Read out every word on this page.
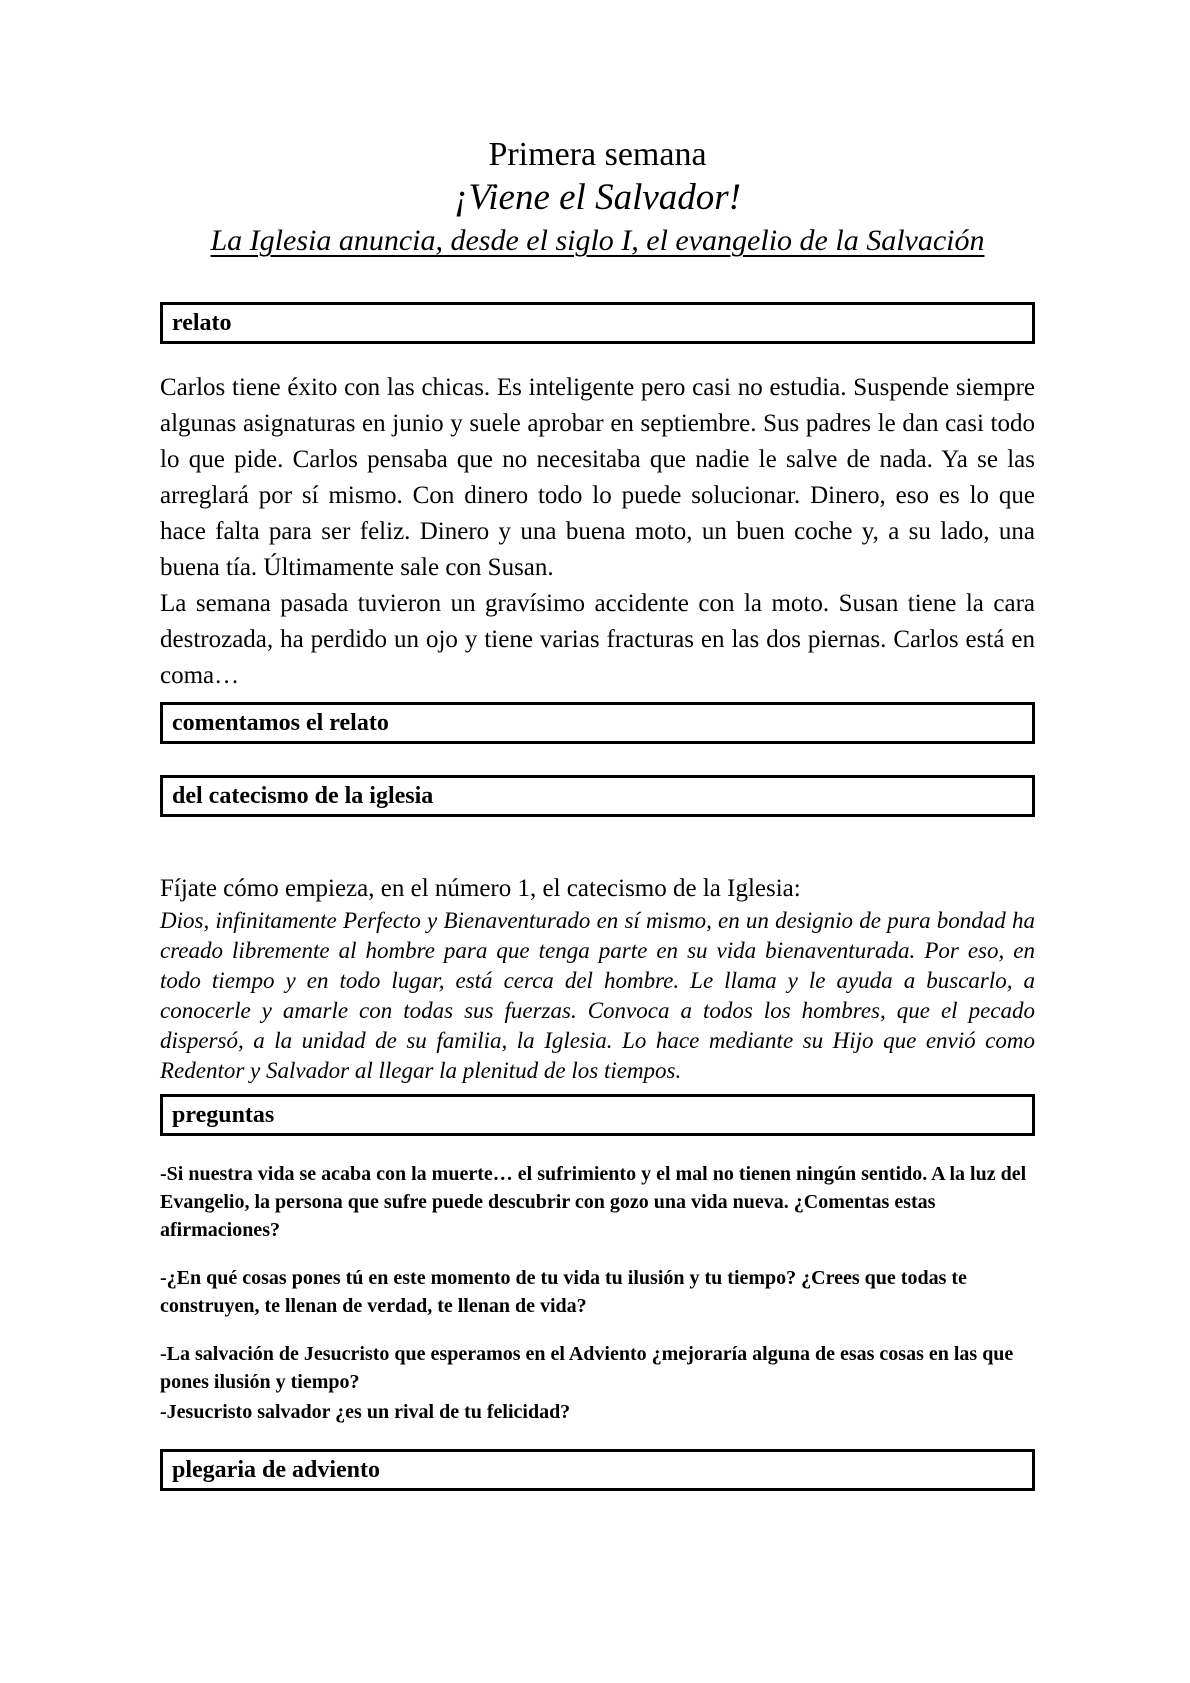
Primera semana
¡Viene el Salvador!
La Iglesia anuncia, desde el siglo I, el evangelio de la Salvación
relato

Carlos tiene éxito con las chicas. Es inteligente pero casi no estudia. Suspende siempre algunas asignaturas en junio y suele aprobar en septiembre. Sus padres le dan casi todo lo que pide. Carlos pensaba que no necesitaba que nadie le salve de nada. Ya se las arreglará por sí mismo. Con dinero todo lo puede solucionar. Dinero, eso es lo que hace falta para ser feliz. Dinero y una buena moto, un buen coche y, a su lado, una buena tía. Últimamente sale con Susan.

La semana pasada tuvieron un gravísimo accidente con la moto. Susan tiene la cara destrozada, ha perdido un ojo y tiene varias fracturas en las dos piernas. Carlos está en coma…

comentamos el relato
del catecismo de la iglesia

Fíjate cómo empieza, en el número 1, el catecismo de la Iglesia:

Dios, infinitamente Perfecto y Bienaventurado en sí mismo, en un designio de pura bondad ha creado libremente al hombre para que tenga parte en su vida bienaventurada. Por eso, en todo tiempo y en todo lugar, está cerca del hombre. Le llama y le ayuda a buscarlo, a conocerle y amarle con todas sus fuerzas. Convoca a todos los hombres, que el pecado dispersó, a la unidad de su familia, la Iglesia. Lo hace mediante su Hijo que envió como Redentor y Salvador al llegar la plenitud de los tiempos.

preguntas

-Si nuestra vida se acaba con la muerte… el sufrimiento y el mal no tienen ningún sentido. A la luz del Evangelio, la persona que sufre puede descubrir con gozo una vida nueva. ¿Comentas estas afirmaciones?

-¿En qué cosas pones tú en este momento de tu vida tu ilusión y tu tiempo? ¿Crees que todas te construyen, te llenan de verdad, te llenan de vida?

-La salvación de Jesucristo que esperamos en el Adviento ¿mejoraría alguna de esas cosas en las que pones ilusión y tiempo?

-Jesucristo salvador ¿es un rival de tu felicidad?

plegaria de adviento
